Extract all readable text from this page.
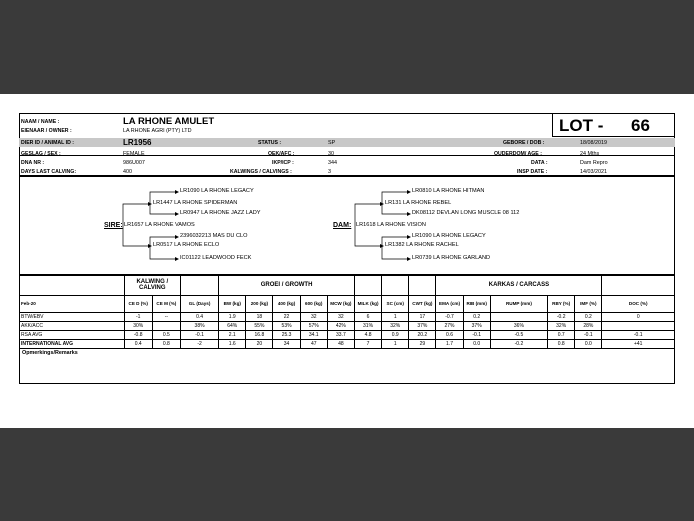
NAAM / NAME :	LA RHONE AMULET
EIENAAR / OWNER :	LA RHONE AGRI (PTY) LTD	LOT - 66
DIER ID / ANIMAL ID :	LR1956	STATUS :	SP	GEBORE / DOB :	18/08/2019
GESLAG / SEX :	FEMALE	OEK/AFC :	30	OUDERDOM/ AGE :	24 Mths
DNA NR :	986U007	IKP/ICP :	344	DATA :	Dam Repro
DAYS LAST CALVING:	400	KALWINGS / CALVINGS :	3	INSP DATE :	14/03/2021
SIRE: LR1657 LA RHONE VAMOS
LR1447 LA RHONE SPIDERMAN
LR1090 LA RHONE LEGACY
LR0947 LA RHONE JAZZ LADY
LR0517 LA RHONE ECLO
2396032213 MAS DU CLO
IC01122 LEADWOOD FECK
DAM: LR1618 LA RHONE VISION
LR131 LA RHONE REBEL
LR0810 LA RHONE HITMAN
DK08112 DEVLAN LONG MUSCLE 08 112
LR1382 LA RHONE RACHEL
LR1090 LA RHONE LEGACY
LR0739 LA RHONE GARLAND
	KALWING / CALVING			GROEI / GROWTH								KARKAS / CARCASS					
Feb-20	CE D (%)	CE M (%)	GL (Days)	BW (kg)	200 (kg)	400 (kg)	600 (kg)	MCW (kg)	MILK (kg)	SC (cm)	CWT (kg)	EMA (cm)	RIB (mm)	RUMP (mm)	RBY (%)	IMF (%)	DOC (%)
BTW/EBV	-1	--	0.4	1.9	18	22	32	32	6	1	17	-0.7	0.2		-0.2	0.2	0
AKK/ACC	30%		38%	64%	55%	53%	57%	42%	31%	32%	37%	27%	37%	36%	32%	28%	
RSA AVG	-0.8	0.5	-0.1	2.1	16.8	25.3	34.1	33.7	4.8	0.9	20.2	0.6	-0.1	-0.5	0.7	-0.1	-0.1
INTERNATIONAL AVG	0.4	0.8	-2	1.6	20	34	47	48	7	1	29	1.7	0.0	-0.2	0.8	0.0	+41
Opmerkings/Remarks
